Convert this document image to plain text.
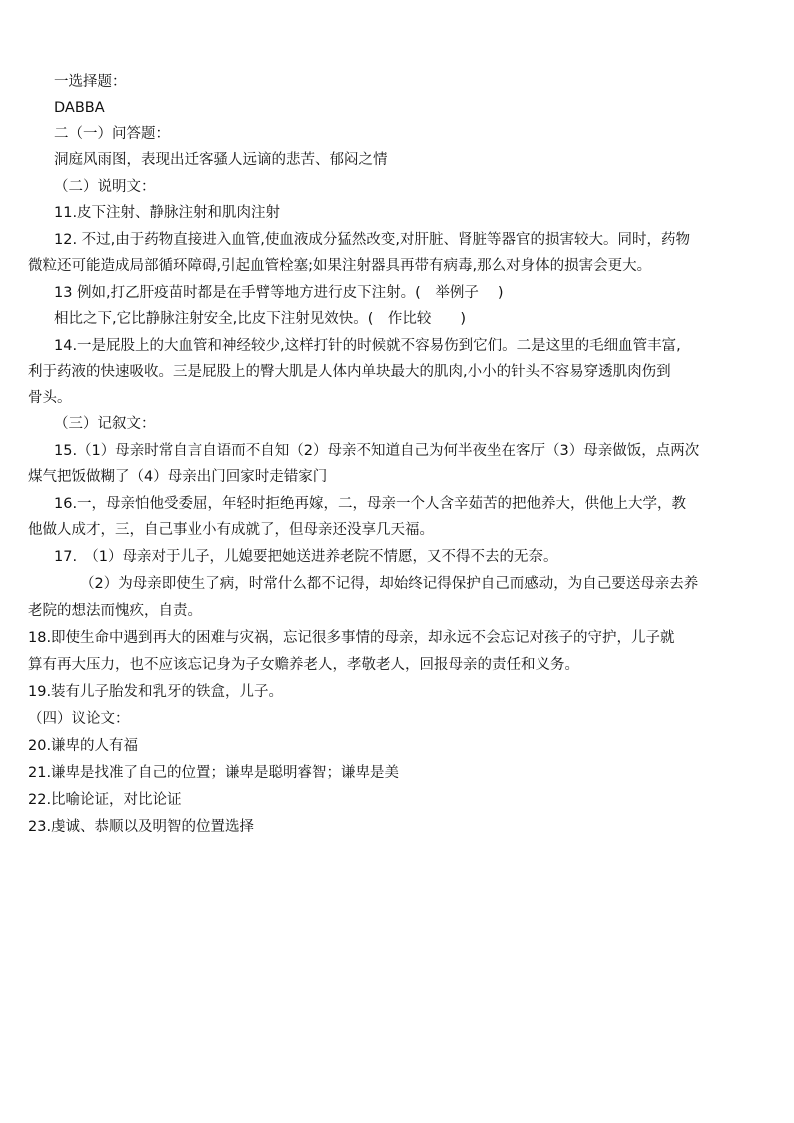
一选择题：
DABBA
二（一）问答题：
洞庭风雨图，表现出迁客骚人远谪的悲苦、郁闷之情
（二）说明文：
11.皮下注射、静脉注射和肌肉注射
12. 不过,由于药物直接进入血管,使血液成分猛然改变,对肝脏、肾脏等器官的损害较大。同时，药物
微粒还可能造成局部循环障碍,引起血管栓塞;如果注射器具再带有病毒,那么对身体的损害会更大。
13 例如,打乙肝疫苗时都是在手臂等地方进行皮下注射。(　举例子　 )
相比之下,它比静脉注射安全,比皮下注射见效快。(　作比较　　)
14.一是屁股上的大血管和神经较少,这样打针的时候就不容易伤到它们。二是这里的毛细血管丰富,
利于药液的快速吸收。三是屁股上的臀大肌是人体内单块最大的肌肉,小小的针头不容易穿透肌肉伤到
骨头。
（三）记叙文：
15.（1）母亲时常自言自语而不自知（2）母亲不知道自己为何半夜坐在客厅（3）母亲做饭，点两次
煤气把饭做糊了（4）母亲出门回家时走错家门
16.一，母亲怕他受委屈，年轻时拒绝再嫁，二，母亲一个人含辛茹苦的把他养大，供他上大学，教
他做人成才，三，自己事业小有成就了，但母亲还没享几天福。
17.　（1）母亲对于儿子，儿媳要把她送进养老院不情愿，又不得不去的无奈。
（2）为母亲即使生了病，时常什么都不记得，却始终记得保护自己而感动，为自己要送母亲去养
老院的想法而愧疚，自责。
18.即使生命中遇到再大的困难与灾祸，忘记很多事情的母亲，却永远不会忘记对孩子的守护，儿子就
算有再大压力，也不应该忘记身为子女赡养老人，孝敬老人，回报母亲的责任和义务。
19.装有儿子胎发和乳牙的铁盒，儿子。
（四）议论文：
20.谦卑的人有福
21.谦卑是找准了自己的位置；谦卑是聪明睿智；谦卑是美
22.比喻论证，对比论证
23.虔诚、恭顺以及明智的位置选择
